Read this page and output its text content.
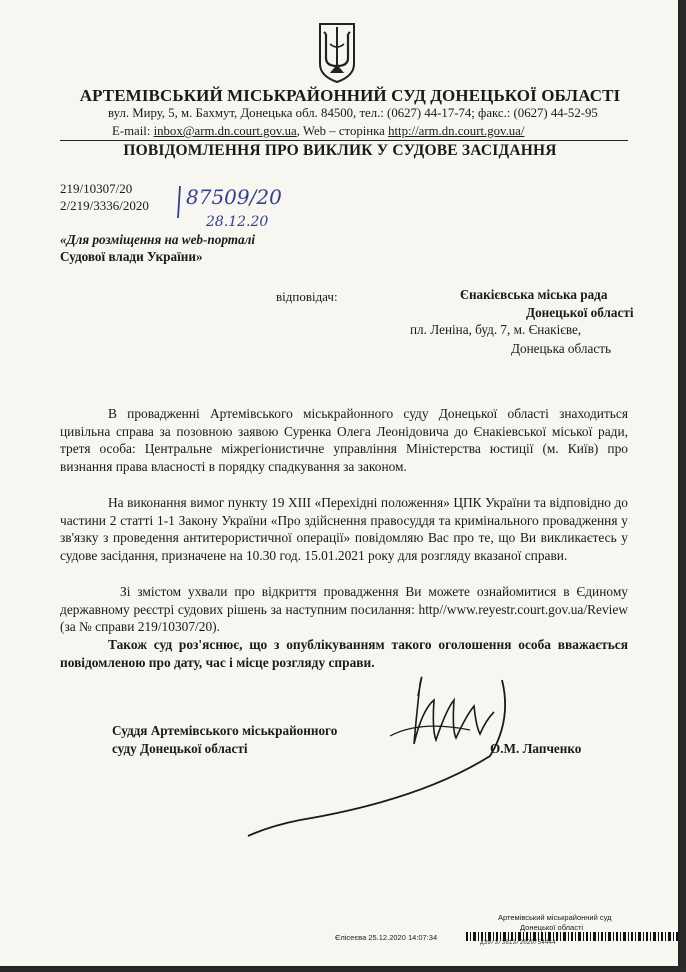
АРТЕМІВСЬКИЙ МІСЬКРАЙОННИЙ СУД ДОНЕЦЬКОЇ ОБЛАСТІ
вул. Миру, 5, м. Бахмут, Донецька обл. 84500, тел.: (0627) 44-17-74; факс.: (0627) 44-52-95
E-mail: inbox@arm.dn.court.gov.ua, Web – сторінка http://arm.dn.court.gov.ua/
ПОВІДОМЛЕННЯ ПРО ВИКЛИК У СУДОВЕ ЗАСІДАННЯ
219/10307/20
2/219/3336/2020 87509/20
28.12.20
«Для розміщення на web-порталі
Судової влади України»
відповідач:	Єнакієвська міська рада
Донецької області
пл. Леніна, буд. 7, м. Єнакієве,
Донецька область
В провадженні Артемівського міськрайонного суду Донецької області знаходиться цивільна справа за позовною заявою Суренка Олега Леонідовича до Єнакіевської міської ради, третя особа: Центральне міжрегіонистичне управління Міністерства юстиції (м. Київ) про визнання права власності в порядку спадкування за законом.
На виконання вимог пункту 19 XIII «Перехідні положення» ЦПК України та відповідно до частини 2 статті 1-1 Закону України «Про здійснення правосуддя та кримінального провадження у зв'язку з проведення антитерористичної операції» повідомляю Вас про те, що Ви викликаєтесь у судове засідання, призначене на 10.30 год. 15.01.2021 року для розгляду вказаної справи.
Зі змістом ухвали про відкриття провадження Ви можете ознайомитися в Єдиному державному реєстрі судових рішень за наступним посилання: http//www.reyestr.court.gov.ua/Review (за № справи 219/10307/20).
Також суд роз'яснює, що з опублікуванням такого оголошення особа вважається повідомленою про дату, час і місце розгляду справи.
Суддя Артемівського міськрайонного
суду Донецької області	О.М. Лапченко
Артемівський міськрайонний суд
Донецької області
Єлісеєва 25.12.2020 14:07:34
ДЗ9/3/3613/2020/54444
